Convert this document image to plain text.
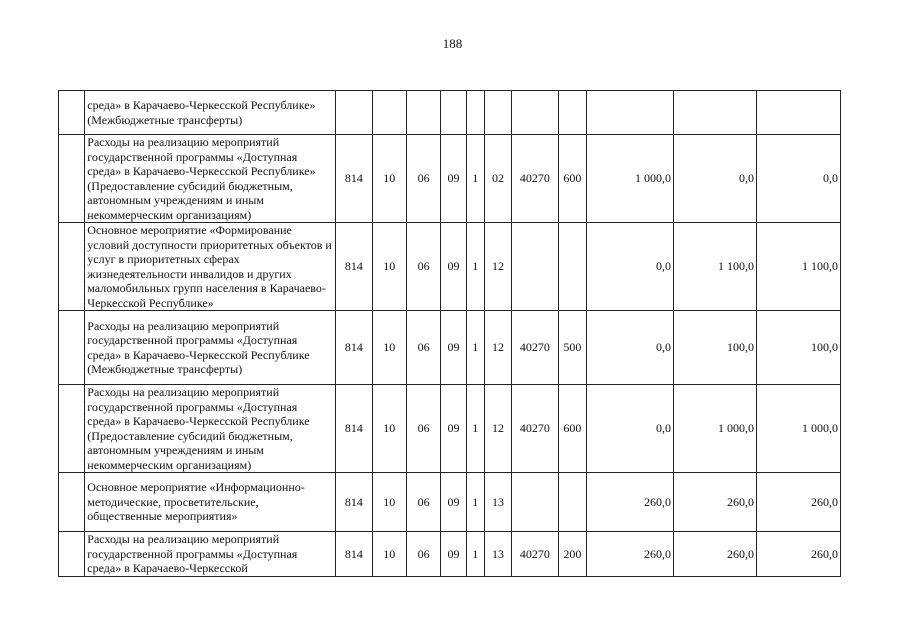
188
	среда» в Карачаево-Черкесской Республике» (Межбюджетные трансферты)											
	Расходы на реализацию мероприятий государственной программы «Доступная среда» в Карачаево-Черкесской Республике» (Предоставление субсидий бюджетным, автономным учреждениям и иным некоммерческим организациям)	814	10	06	09	1	02	40270	600	1 000,0	0,0	0,0
	Основное мероприятие «Формирование условий доступности приоритетных объектов и услуг в приоритетных сферах жизнедеятельности инвалидов и других маломобильных групп населения в Карачаево-Черкесской Республике»	814	10	06	09	1	12			0,0	1 100,0	1 100,0
	Расходы на реализацию мероприятий государственной программы «Доступная среда» в Карачаево-Черкесской Республике (Межбюджетные трансферты)	814	10	06	09	1	12	40270	500	0,0	100,0	100,0
	Расходы на реализацию мероприятий государственной программы «Доступная среда» в Карачаево-Черкесской Республике (Предоставление субсидий бюджетным, автономным учреждениям и иным некоммерческим организациям)	814	10	06	09	1	12	40270	600	0,0	1 000,0	1 000,0
	Основное мероприятие «Информационно-методические, просветительские, общественные мероприятия»	814	10	06	09	1	13			260,0	260,0	260,0
	Расходы на реализацию мероприятий государственной программы «Доступная среда» в Карачаево-Черкесской	814	10	06	09	1	13	40270	200	260,0	260,0	260,0
